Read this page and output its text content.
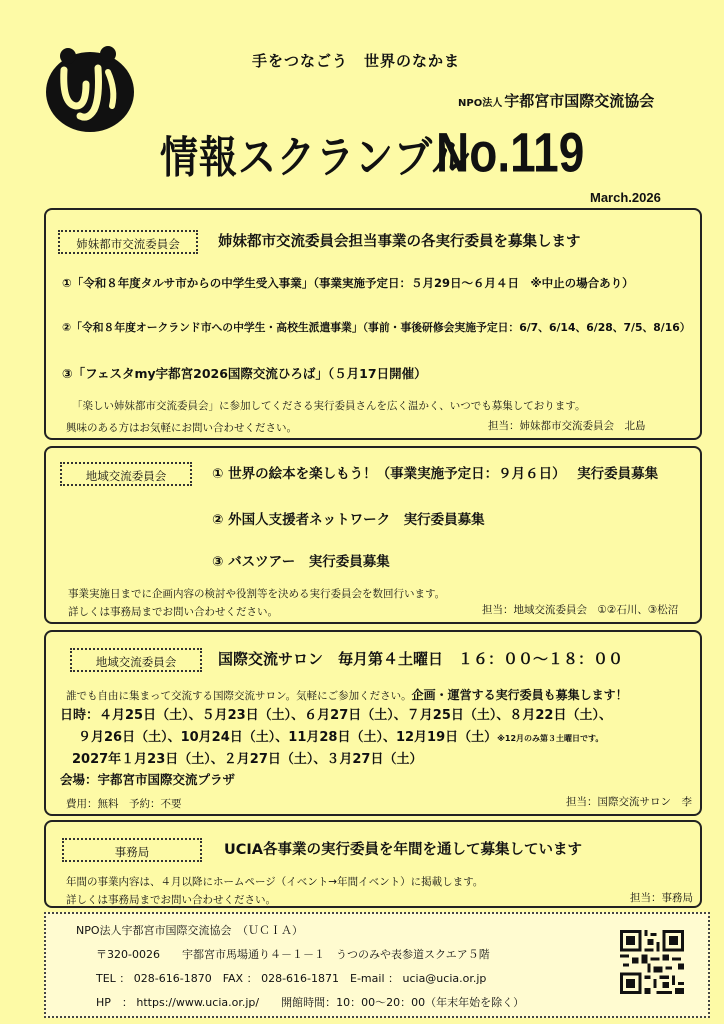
手をつなごう　世界のなかま
NPO法人 宇都宮市国際交流協会
情報スクランブル
No.119
March.2026
姉妹都市交流委員会	姉妹都市交流委員会担当事業の各実行委員を募集します
①「令和８年度タルサ市からの中学生受入事業」（事業実施予定日：５月29日～６月４日　※中止の場合あり）
②「令和８年度オークランド市への中学生・高校生派遣事業」（事前・事後研修会実施予定日：6/7、6/14、6/28、7/5、8/16）
③「フェスタmy宇都宮2026国際交流ひろば」（５月17日開催）
「楽しい姉妹都市交流委員会」に参加してくださる実行委員さんを広く温かく、いつでも募集しております。
興味のある方はお気軽にお問い合わせください。	担当：姉妹都市交流委員会　北島
地域交流委員会	① 世界の絵本を楽しもう！（事業実施予定日：９月６日）　 実行委員募集
② 外国人支援者ネットワーク　実行委員募集
③ バスツアー　実行委員募集
事業実施日までに企画内容の検討や役割等を決める実行委員会を数回行います。
詳しくは事務局までお問い合わせください。	担当：地域交流委員会　①②石川、③松沼
地域交流委員会	国際交流サロン　毎月第４土曜日　１６：００～１８：００
誰でも自由に集まって交流する国際交流サロン。気軽にご参加ください。企画・運営する実行委員も募集します！
日時：４月25日（土）、５月23日（土）、６月27日（土）、７月25日（土）、８月22日（土）、
９月26日（土）、10月24日（土）、11月28日（土）、12月19日（土）※12月のみ第３土曜日です。
2027年１月23日（土）、２月27日（土）、３月27日（土）
会場：宇都宮市国際交流プラザ
費用：無料　予約：不要	担当：国際交流サロン　李
事務局	UCIA各事業の実行委員を年間を通して募集しています
年間の事業内容は、４月以降にホームページ（イベント→年間イベント）に掲載します。
詳しくは事務局までお問い合わせください。	担当：事務局
NPO法人宇都宮市国際交流協会　（ＵＣＩＡ）
〒320-0026　　宇都宮市馬場通り４－１－１　うつのみや表参道スクエア５階
TEL ： 028-616-1870　FAX ： 028-616-1871　E-mail ： ucia@ucia.or.jp
HP　： https://www.ucia.or.jp/　　開館時間：10：00～20：00（年末年始を除く）
